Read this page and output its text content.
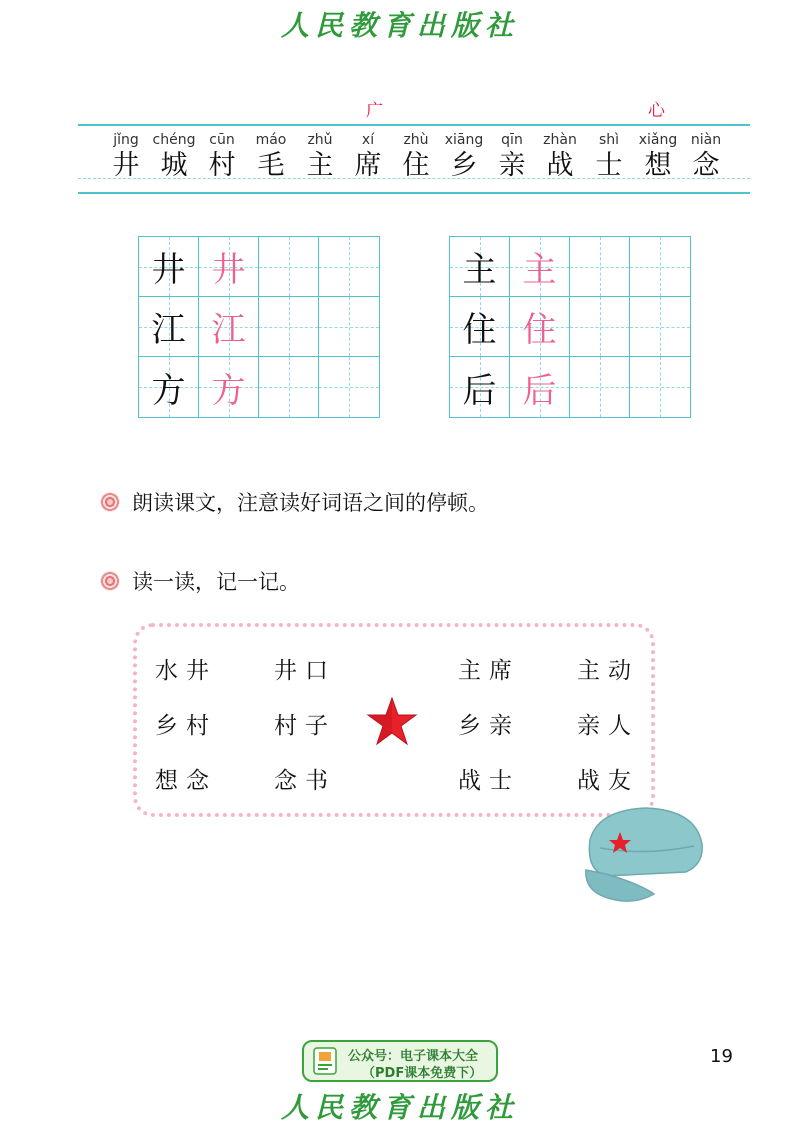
人民教育出版社
广	心
jǐng
井
chéng
城
cūn
村
máo
毛
zhǔ
主
xí
席
zhù
住
xiāng
乡
qīn
亲
zhàn
战
shì
士
xiǎng
想
niàn
念
井 井
江 江
方 方
主 主
住 住
后 后
朗读课文，注意读好词语之间的停顿。
读一读，记一记。
水井 井口	主席 主动
乡村 村子	乡亲 亲人
想念 念书	战士 战友
公众号：电子课本大全
（PDF课本免费下）
19
人民教育出版社
